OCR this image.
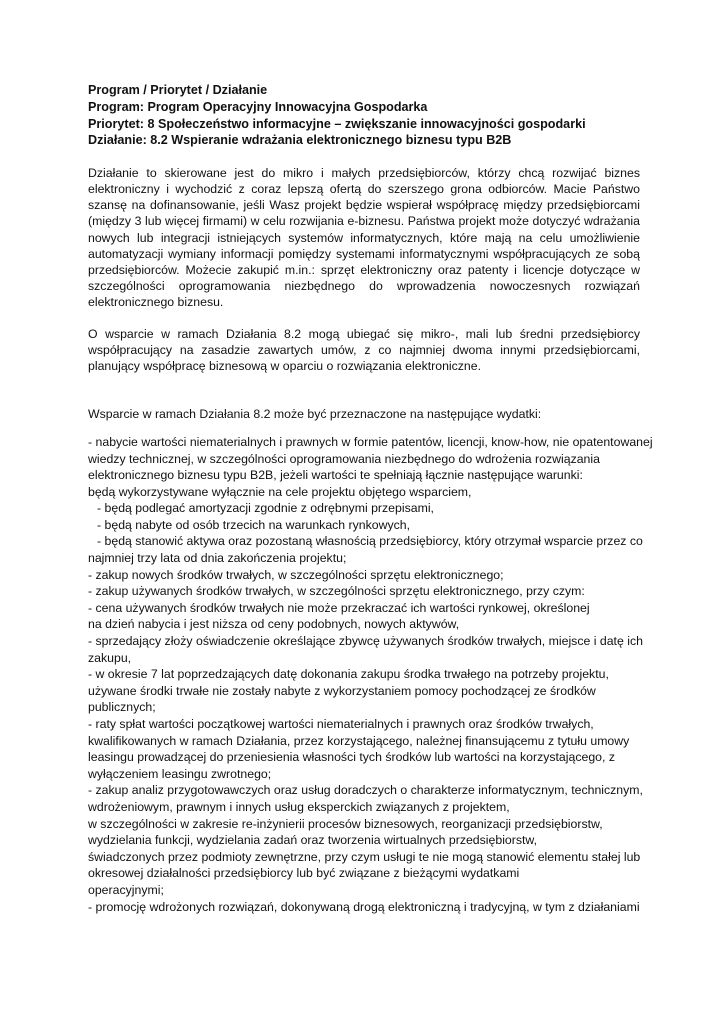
Program / Priorytet / Działanie
Program: Program Operacyjny Innowacyjna Gospodarka
Priorytet: 8 Społeczeństwo informacyjne – zwiększanie innowacyjności gospodarki
Działanie: 8.2 Wspieranie wdrażania elektronicznego biznesu typu B2B

Działanie to skierowane jest do mikro i małych przedsiębiorców, którzy chcą rozwijać biznes elektroniczny i wychodzić z coraz lepszą ofertą do szerszego grona odbiorców. Macie Państwo szansę na dofinansowanie, jeśli Wasz projekt będzie wspierał współpracę między przedsiębiorcami (między 3 lub więcej firmami) w celu rozwijania e-biznesu. Państwa projekt może dotyczyć wdrażania nowych lub integracji istniejących systemów informatycznych, które mają na celu umożliwienie automatyzacji wymiany informacji pomiędzy systemami informatycznymi współpracujących ze sobą przedsiębiorców. Możecie zakupić m.in.: sprzęt elektroniczny oraz patenty i licencje dotyczące w szczególności oprogramowania niezbędnego do wprowadzenia nowoczesnych rozwiązań elektronicznego biznesu.

O wsparcie w ramach Działania 8.2 mogą ubiegać się mikro-, mali lub średni przedsiębiorcy współpracujący na zasadzie zawartych umów, z co najmniej dwoma innymi przedsiębiorcami, planujący współpracę biznesową w oparciu o rozwiązania elektroniczne.

Wsparcie w ramach Działania 8.2 może być przeznaczone na następujące wydatki:

- nabycie wartości niematerialnych i prawnych w formie patentów, licencji, know-how, nie opatentowanej
wiedzy technicznej, w szczególności oprogramowania niezbędnego do wdrożenia rozwiązania
elektronicznego biznesu typu B2B, jeżeli wartości te spełniają łącznie następujące warunki:
będą wykorzystywane wyłącznie na cele projektu objętego wsparciem,
- będą podlegać amortyzacji zgodnie z odrębnymi przepisami,
- będą nabyte od osób trzecich na warunkach rynkowych,
- będą stanowić aktywa oraz pozostaną własnością przedsiębiorcy, który otrzymał wsparcie przez co
najmniej trzy lata od dnia zakończenia projektu;
- zakup nowych środków trwałych, w szczególności sprzętu elektronicznego;
- zakup używanych środków trwałych, w szczególności sprzętu elektronicznego, przy czym:
- cena używanych środków trwałych nie może przekraczać ich wartości rynkowej, określonej
na dzień nabycia i jest niższa od ceny podobnych, nowych aktywów,
- sprzedający złoży oświadczenie określające zbywcę używanych środków trwałych, miejsce i datę ich
zakupu,
- w okresie 7 lat poprzedzających datę dokonania zakupu środka trwałego na potrzeby projektu,
używane środki trwałe nie zostały nabyte z wykorzystaniem pomocy pochodzącej ze środków
publicznych;
- raty spłat wartości początkowej wartości niematerialnych i prawnych oraz środków trwałych,
kwalifikowanych w ramach Działania, przez korzystającego, należnej finansującemu z tytułu umowy
leasingu prowadzącej do przeniesienia własności tych środków lub wartości na korzystającego, z
wyłączeniem leasingu zwrotnego;
- zakup analiz przygotowawczych oraz usług doradczych o charakterze informatycznym, technicznym,
wdrożeniowym, prawnym i innych usług eksperckich związanych z projektem,
w szczególności w zakresie re-inżynierii procesów biznesowych, reorganizacji przedsiębiorstw,
wydzielania funkcji, wydzielania zadań oraz tworzenia wirtualnych przedsiębiorstw,
świadczonych przez podmioty zewnętrzne, przy czym usługi te nie mogą stanowić elementu stałej lub
okresowej działalności przedsiębiorcy lub być związane z bieżącymi wydatkami
operacyjnymi;
- promocję wdrożonych rozwiązań, dokonywaną drogą elektroniczną i tradycyjną, w tym z działaniami
